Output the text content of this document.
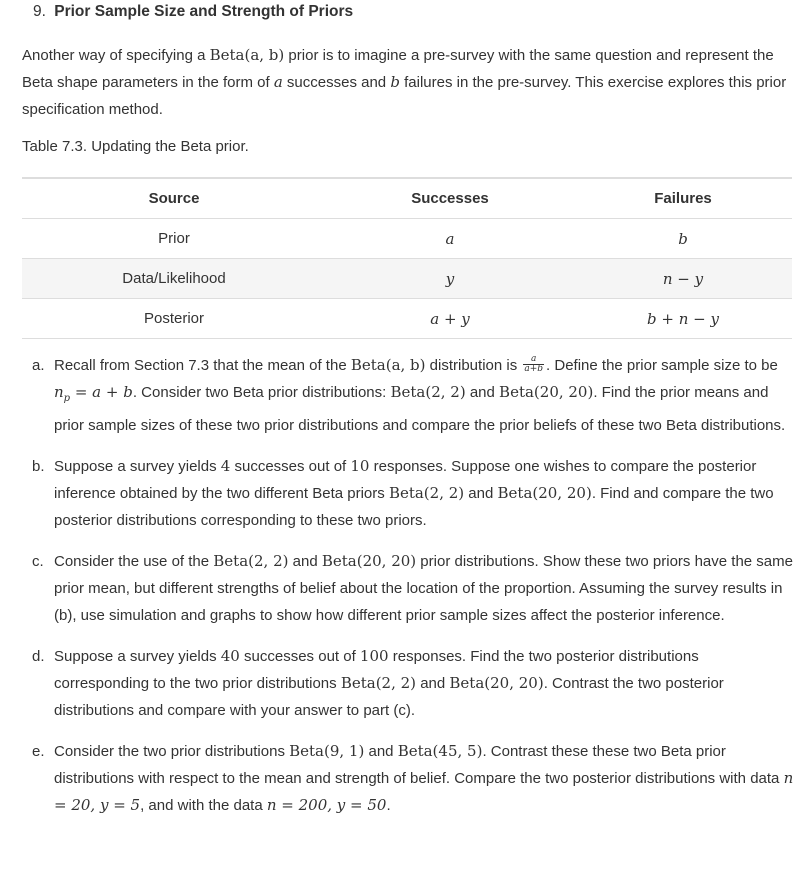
9. Prior Sample Size and Strength of Priors

Another way of specifying a Beta(a, b) prior is to imagine a pre-survey with the same question and represent the Beta shape parameters in the form of a successes and b failures in the pre-survey. This exercise explores this prior specification method.

Table 7.3. Updating the Beta prior.
Source	Successes	Failures
Prior	a	b
Data/Likelihood	y	n − y
Posterior	a + y	b + n − y
a. Recall from Section 7.3 that the mean of the Beta(a, b) distribution is $\frac{a}{a+b}$ . Define the prior sample size to be $n_p = a + b$. Consider two Beta prior distributions: Beta(2, 2) and Beta(20, 20). Find the prior means and prior sample sizes of these two prior distributions and compare the prior beliefs of these two Beta distributions.
b. Suppose a survey yields 4 successes out of 10 responses. Suppose one wishes to compare the posterior inference obtained by the two different Beta priors Beta(2, 2) and Beta(20, 20). Find and compare the two posterior distributions corresponding to these two priors.
c. Consider the use of the Beta(2, 2) and Beta(20, 20) prior distributions. Show these two priors have the same prior mean, but different strengths of belief about the location of the proportion. Assuming the survey results in (b), use simulation and graphs to show how different prior sample sizes affect the posterior inference.
d. Suppose a survey yields 40 successes out of 100 responses. Find the two posterior distributions corresponding to the two prior distributions Beta(2, 2) and Beta(20, 20). Contrast the two posterior distributions and compare with your answer to part (c).
e. Consider the two prior distributions Beta(9, 1) and Beta(45, 5). Contrast these these two Beta prior distributions with respect to the mean and strength of belief. Compare the two posterior distributions with data n = 20, y = 5, and with the data n = 200, y = 50.
